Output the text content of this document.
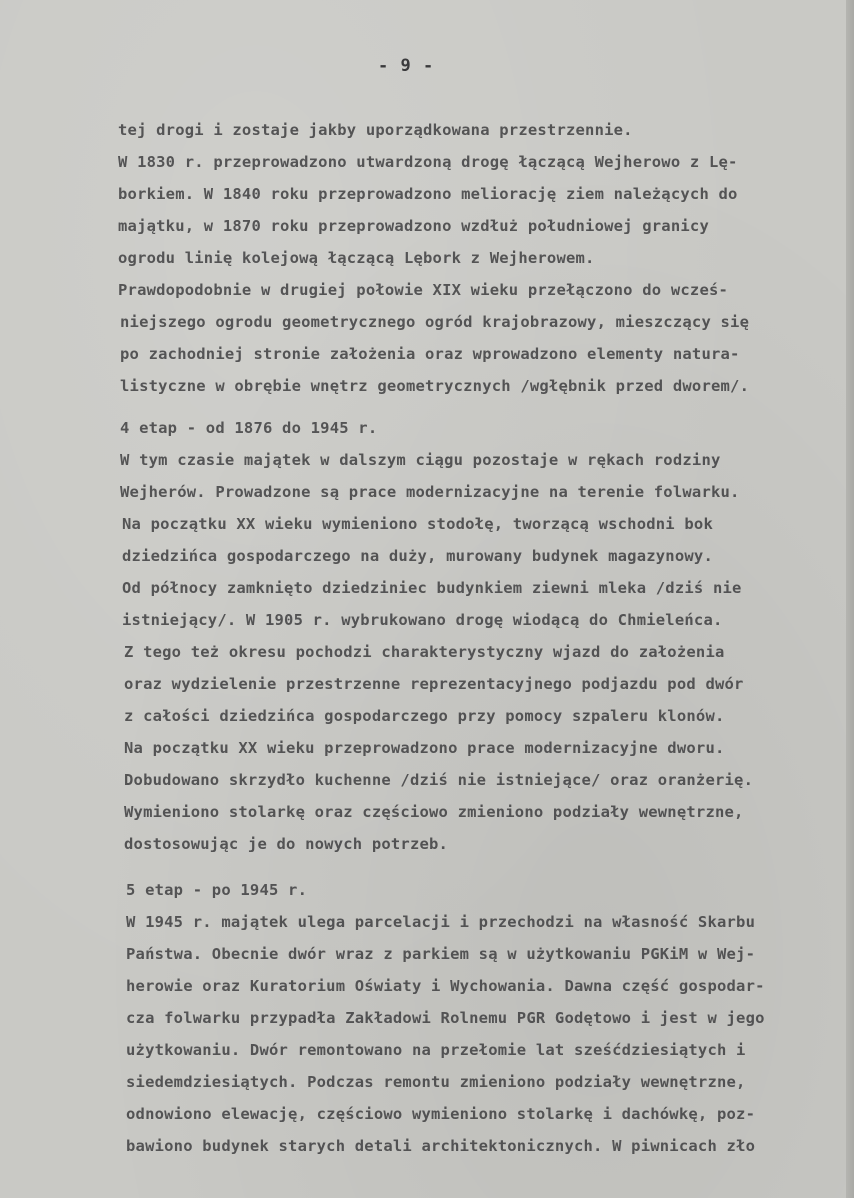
- 9 -
tej drogi i zostaje jakby uporządkowana przestrzennie.
W 1830 r. przeprowadzono utwardzoną drogę łączącą Wejherowo z Lę-
borkiem. W 1840 roku przeprowadzono meliorację ziem należących do
majątku, w 1870 roku przeprowadzono wzdłuż południowej granicy
ogrodu linię kolejową łączącą Lębork z Wejherowem.
Prawdopodobnie w drugiej połowie XIX wieku przełączono do wcześ-
niejszego ogrodu geometrycznego ogród krajobrazowy, mieszczący się
po zachodniej stronie założenia oraz wprowadzono elementy natura-
listyczne w obrębie wnętrz geometrycznych /wgłębnik przed dworem/.
4 etap - od 1876 do 1945 r.
W tym czasie majątek w dalszym ciągu pozostaje w rękach rodziny
Wejherów. Prowadzone są prace modernizacyjne na terenie folwarku.
Na początku XX wieku wymieniono stodołę, tworzącą wschodni bok
dziedzińca gospodarczego na duży, murowany budynek magazynowy.
Od północy zamknięto dziedziniec budynkiem ziewni mleka /dziś nie
istniejący/. W 1905 r. wybrukowano drogę wiodącą do Chmieleńca.
Z tego też okresu pochodzi charakterystyczny wjazd do założenia
oraz wydzielenie przestrzenne reprezentacyjnego podjazdu pod dwór
z całości dziedzińca gospodarczego przy pomocy szpaleru klonów.
Na początku XX wieku przeprowadzono prace modernizacyjne dworu.
Dobudowano skrzydło kuchenne /dziś nie istniejące/ oraz oranżerię.
Wymieniono stolarkę oraz częściowo zmieniono podziały wewnętrzne,
dostosowując je do nowych potrzeb.
5 etap - po 1945 r.
W 1945 r. majątek ulega parcelacji i przechodzi na własność Skarbu
Państwa. Obecnie dwór wraz z parkiem są w użytkowaniu PGKiM w Wej-
herowie oraz Kuratorium Oświaty i Wychowania. Dawna część gospodar-
cza folwarku przypadła Zakładowi Rolnemu PGR Godętowo i jest w jego
użytkowaniu. Dwór remontowano na przełomie lat sześćdziesiątych i
siedemdziesiątych. Podczas remontu zmieniono podziały wewnętrzne,
odnowiono elewację, częściowo wymieniono stolarkę i dachówkę, poz-
bawiono budynek starych detali architektonicznych. W piwnicach zło
